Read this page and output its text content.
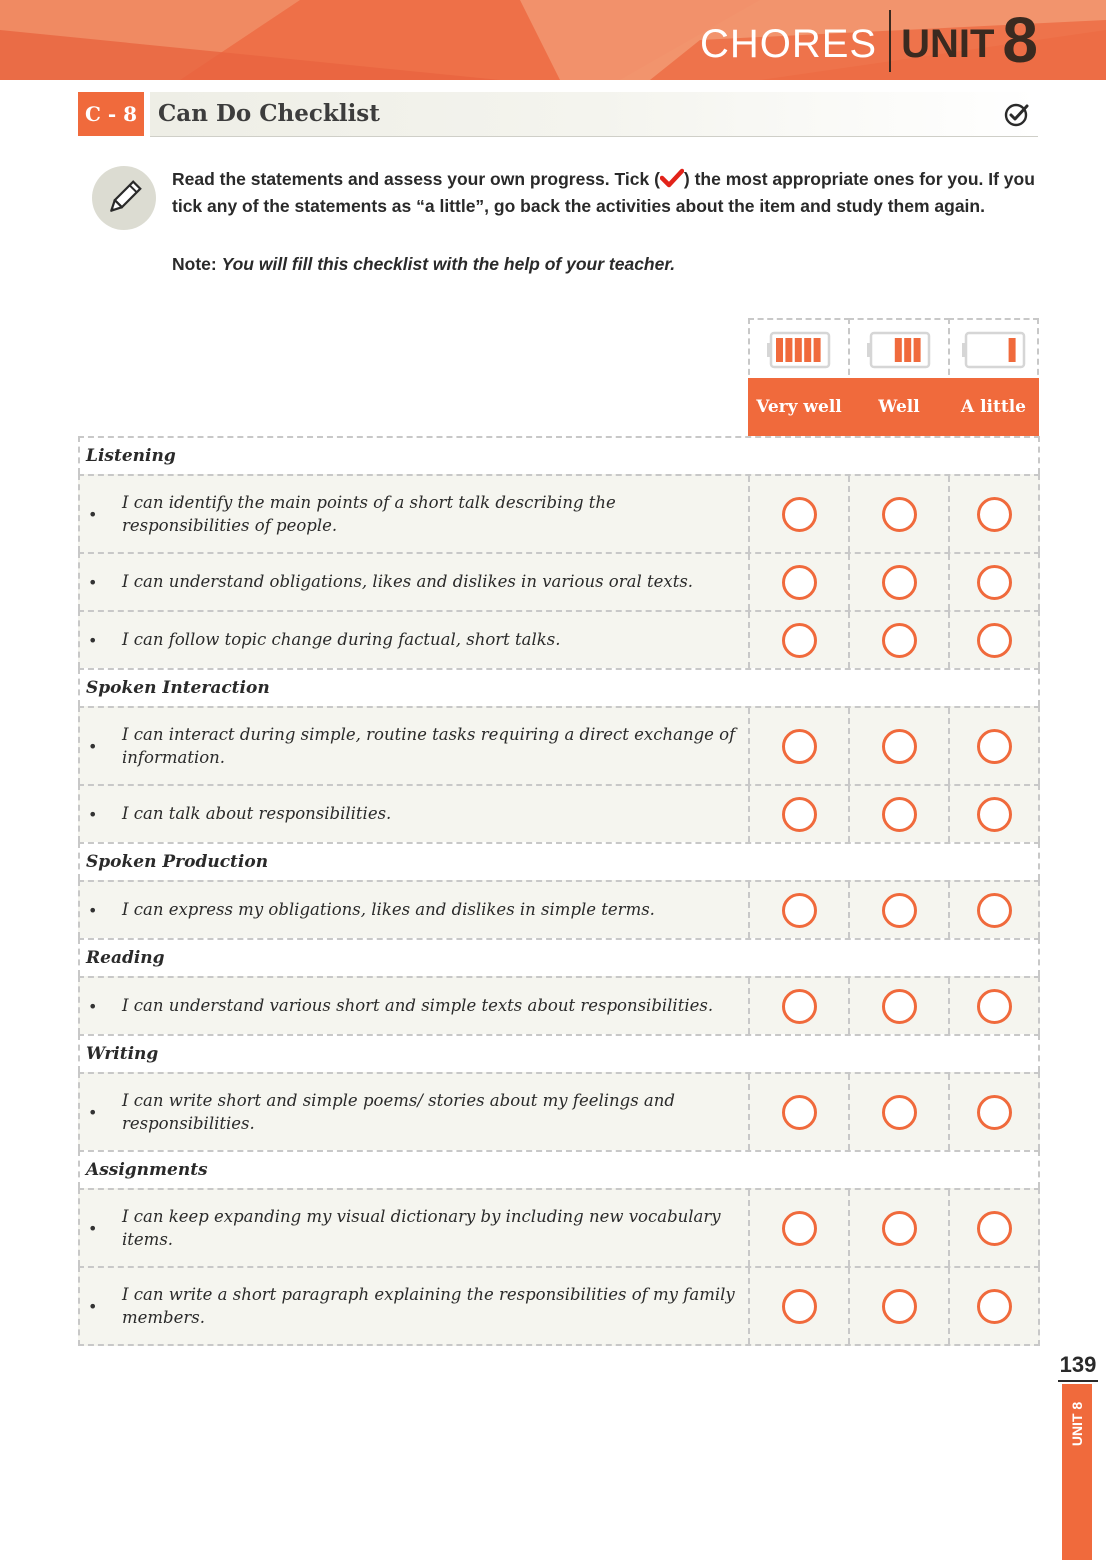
CHORES UNIT 8
C - 8 Can Do Checklist
Read the statements and assess your own progress. Tick ( ) the most appropriate ones for you. If you tick any of the statements as “a little”, go back the activities about the item and study them again.
Note: You will fill this checklist with the help of your teacher.
Very well	Well	A little
Listening
•
I can identify the main points of a short talk describing the responsibilities of people.
• I can understand obligations, likes and dislikes in various oral texts.
• I can follow topic change during factual, short talks.
Spoken Interaction
•
I can interact during simple, routine tasks requiring a direct exchange of information.
• I can talk about responsibilities.
Spoken Production
• I can express my obligations, likes and dislikes in simple terms.
Reading
• I can understand various short and simple texts about responsibilities.
Writing
•
I can write short and simple poems/ stories about my feelings and responsibilities.
Assignments
•
I can keep expanding my visual dictionary by including new vocabulary items.
•
I can write a short paragraph explaining the responsibilities of my family members.
139
UNIT 8
